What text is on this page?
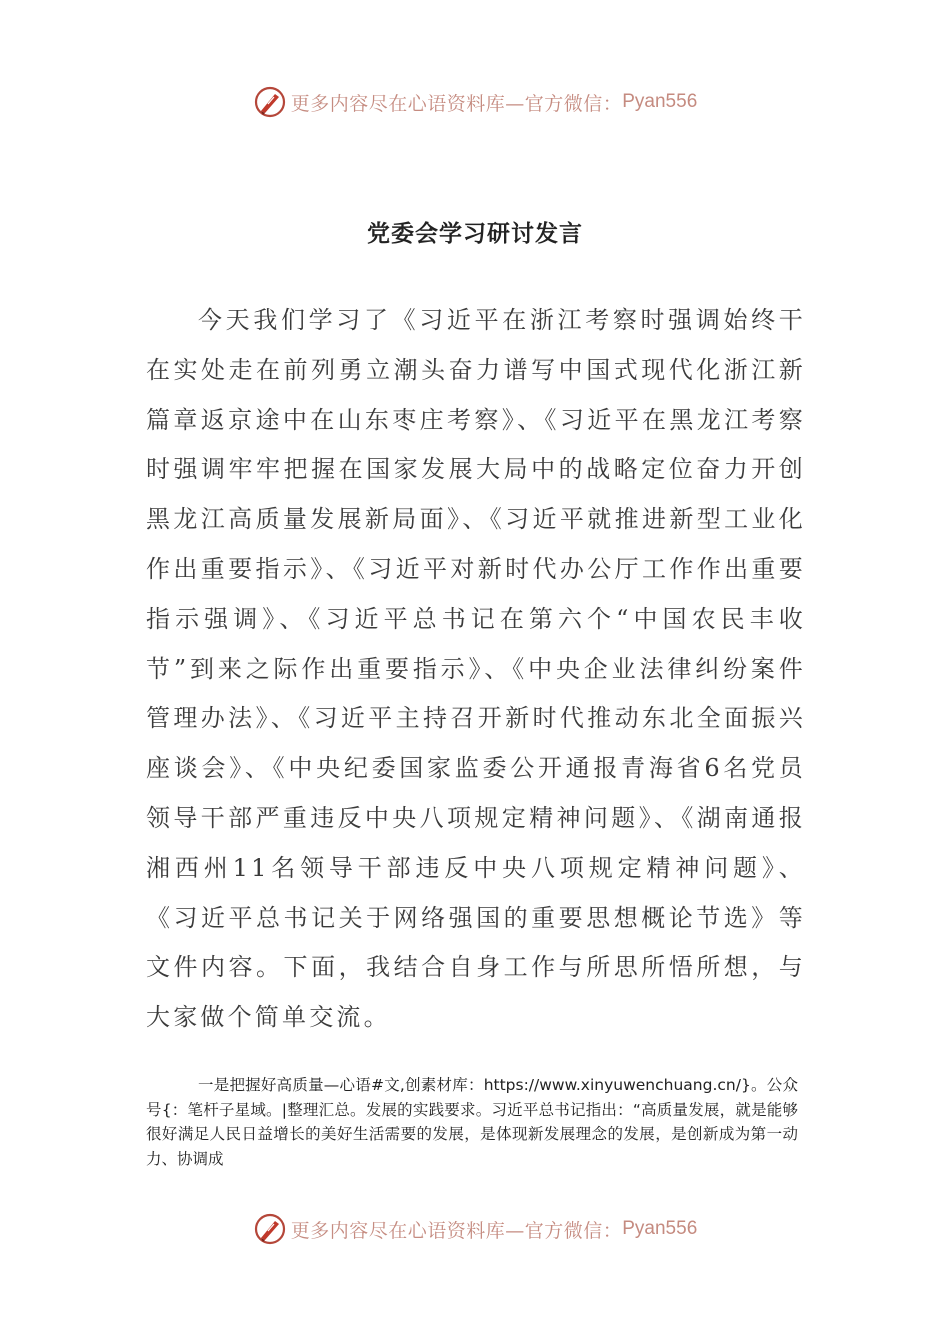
更多内容尽在心语资料库—官方微信： Pyan556
党委会学习研讨发言

今天我们学习了《习近平在浙江考察时强调始终干在实处走在前列勇立潮头奋力谱写中国式现代化浙江新篇章返京途中在山东枣庄考察》、《习近平在黑龙江考察时强调牢牢把握在国家发展大局中的战略定位奋力开创黑龙江高质量发展新局面》、《习近平就推进新型工业化作出重要指示》、《习近平对新时代办公厅工作作出重要指示强调》、《习近平总书记在第六个“中国农民丰收节”到来之际作出重要指示》、《中央企业法律纠纷案件管理办法》、《习近平主持召开新时代推动东北全面振兴座谈会》、《中央纪委国家监委公开通报青海省6名党员领导干部严重违反中央八项规定精神问题》、《湖南通报湘西州11名领导干部违反中央八项规定精神问题》、《习近平总书记关于网络强国的重要思想概论节选》等文件内容。下面，我结合自身工作与所思所悟所想，与大家做个简单交流。

一是把握好高质量—心语#文,创素材库：https://www.xinyuwenchuang.cn/}。公众号{：笔杆子星域。|整理汇总。发展的实践要求。习近平总书记指出：“高质量发展，就是能够很好满足人民日益增长的美好生活需要的发展，是体现新发展理念的发展，是创新成为第一动力、协调成

更多内容尽在心语资料库—官方微信： Pyan556
